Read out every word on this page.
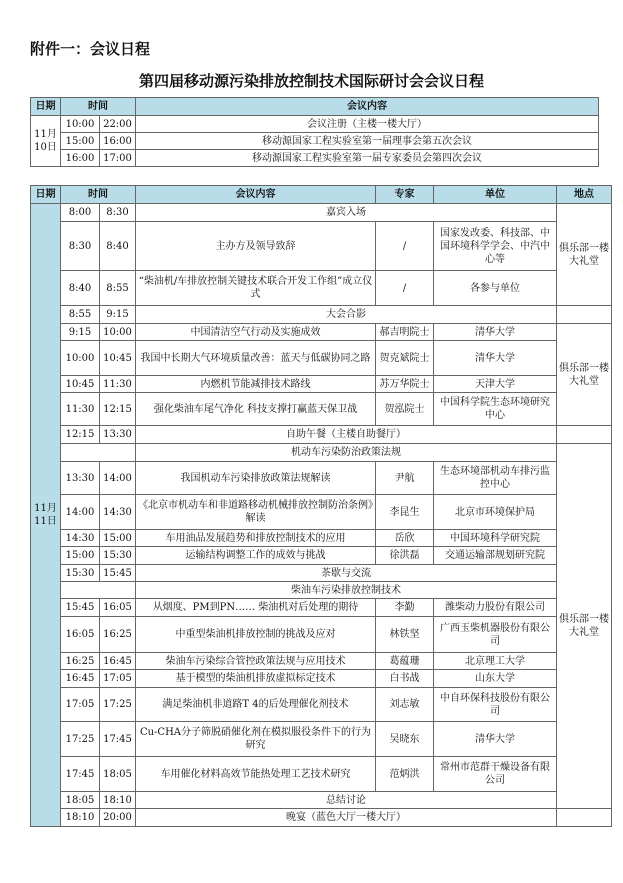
附件一：会议日程
第四届移动源污染排放控制技术国际研讨会会议日程
日期	时间		会议内容
11月10日	10:00	22:00	会议注册（主楼一楼大厅）
	15:00	16:00	移动源国家工程实验室第一届理事会第五次会议
	16:00	17:00	移动源国家工程实验室第一届专家委员会第四次会议
日期	时间		会议内容	专家	单位	地点
11月11日	8:00	8:30	嘉宾入场			俱乐部一楼大礼堂
	8:30	8:40	主办方及领导致辞	/	国家发改委、科技部、中国环境科学学会、中汽中心等	
	8:40	8:55	“柴油机/车排放控制关键技术联合开发工作组”成立仪式	/	各参与单位	
	8:55	9:15	大会合影			
	9:15	10:00	中国清洁空气行动及实施成效	郝吉明院士	清华大学	俱乐部一楼大礼堂
	10:00	10:45	我国中长期大气环境质量改善：蓝天与低碳协同之路	贺克斌院士	清华大学	
	10:45	11:30	内燃机节能减排技术路线	苏万华院士	天津大学	
	11:30	12:15	强化柴油车尾气净化 科技支撑打赢蓝天保卫战	贺泓院士	中国科学院生态环境研究中心	
	12:15	13:30	自助午餐（主楼自助餐厅）			
			机动车污染防治政策法规			俱乐部一楼大礼堂
	13:30	14:00	我国机动车污染排放政策法规解读	尹航	生态环境部机动车排污监控中心	
	14:00	14:30	《北京市机动车和非道路移动机械排放控制防治条例》解读	李昆生	北京市环境保护局	
	14:30	15:00	车用油品发展趋势和排放控制技术的应用	岳欣	中国环境科学研究院	
	15:00	15:30	运输结构调整工作的成效与挑战	徐洪磊	交通运输部规划研究院	
	15:30	15:45	茶歇与交流			
			柴油车污染排放控制技术			
	15:45	16:05	从烟度、PM到PN…… 柴油机对后处理的期待	李勤	潍柴动力股份有限公司	
	16:05	16:25	中重型柴油机排放控制的挑战及应对	林铁坚	广西玉柴机器股份有限公司	
	16:25	16:45	柴油车污染综合管控政策法规与应用技术	葛蕴珊	北京理工大学	
	16:45	17:05	基于模型的柴油机排放虚拟标定技术	白书战	山东大学	
	17:05	17:25	满足柴油机非道路T 4的后处理催化剂技术	刘志敏	中自环保科技股份有限公司	
	17:25	17:45	Cu-CHA分子筛脱硝催化剂在模拟服役条件下的行为研究	吴晓东	清华大学	
	17:45	18:05	车用催化材料高效节能热处理工艺技术研究	范炳洪	常州市范群干燥设备有限公司	
	18:05	18:10	总结讨论			
	18:10	20:00	晚宴（蓝色大厅一楼大厅）			
